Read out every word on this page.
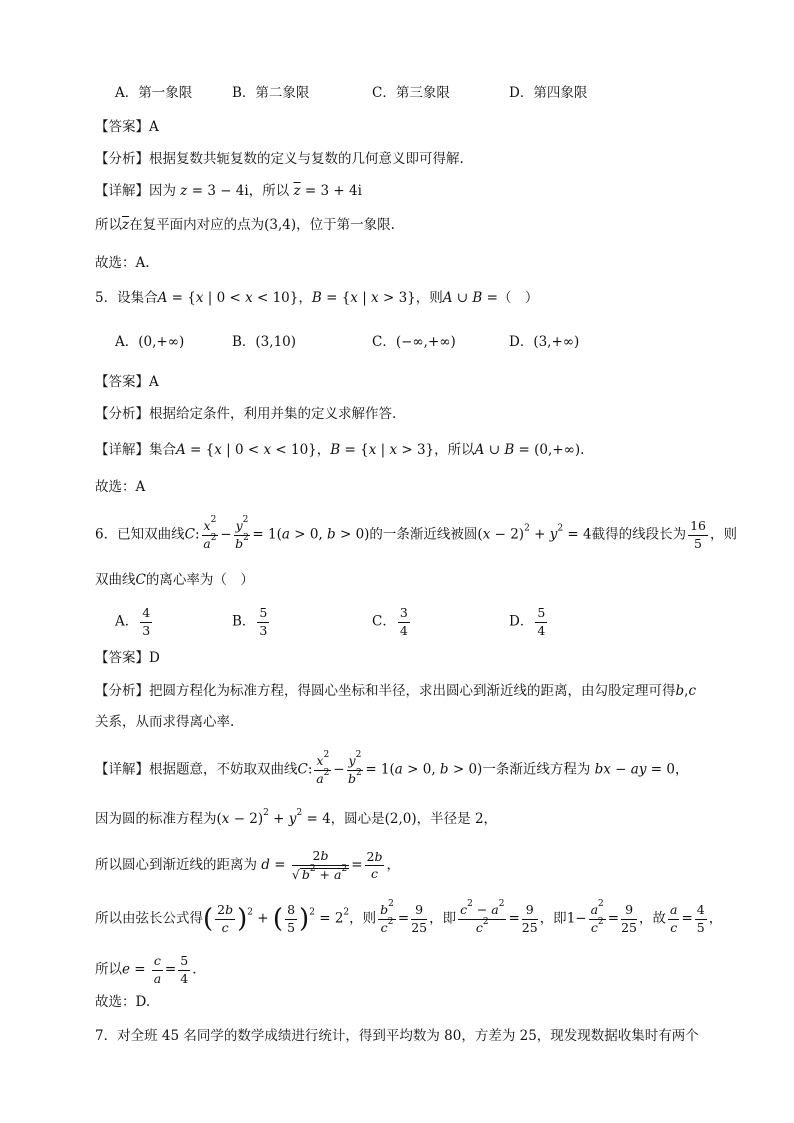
A．第一象限	B．第二象限	C．第三象限	D．第四象限
【答案】A
【分析】根据复数共轭复数的定义与复数的几何意义即可得解.
【详解】因为 z = 3 − 4i，所以 $\overline{z} = 3 + 4i$
所以$\overline{z}$在复平面内对应的点为(3,4)，位于第一象限.
故选：A.
5．设集合A = {x | 0 < x < 10}，B = {x | x > 3}，则A ∪ B =（　）
A．(0,+∞)	B．(3,10)	C．(−∞,+∞)	D．(3,+∞)
【答案】A
【分析】根据给定条件，利用并集的定义求解作答.
【详解】集合A = {x | 0 < x < 10}，B = {x | x > 3}，所以A ∪ B = (0,+∞).
故选：A
6．已知双曲线C: $\frac{x^2}{a^2} - \frac{y^2}{b^2} = 1(a > 0$, b > 0)的一条渐近线被圆$(x - 2)^2 + y^2 = 4$截得的线段长为 $\frac{16}{5}$ ，则
双曲线C的离心率为（　）
A． $\frac{4}{3}$	B． $\frac{5}{3}$	C． $\frac{3}{4}$	D． $\frac{5}{4}$
【答案】D
【分析】把圆方程化为标准方程，得圆心坐标和半径，求出圆心到渐近线的距离，由勾股定理可得b,c
关系，从而求得离心率.
【详解】根据题意，不妨取双曲线C: $\frac{x^2}{a^2} - \frac{y^2}{b^2} = 1(a > 0$, b > 0)一条渐近线方程为 bx − ay = 0，
因为圆的标准方程为$(x - 2)^2 + y^2 = 4$，圆心是(2,0)，半径是 2，
所以圆心到渐近线的距离为 $d = \frac{2b}{√ b^2 + a^2} = \frac{2b}{c}$ ，
所以由弦长公式得( $\frac{2b}{c} )^2$ + ( $\frac{8}{5} )^2 = 2^2$，则 $\frac{b^2}{c^2} = \frac{9}{25}$ ，即 $\frac{c^2 - a^2}{c^2} = \frac{9}{25}$ ，即$1- \frac{a^2}{c^2} = \frac{9}{25}$ ，故 $\frac{a}{c} = \frac{4}{5}$ ，
所以$e = \frac{c}{a} = \frac{5}{4}$ .
故选：D.
7．对全班 45 名同学的数学成绩进行统计，得到平均数为 80，方差为 25，现发现数据收集时有两个
